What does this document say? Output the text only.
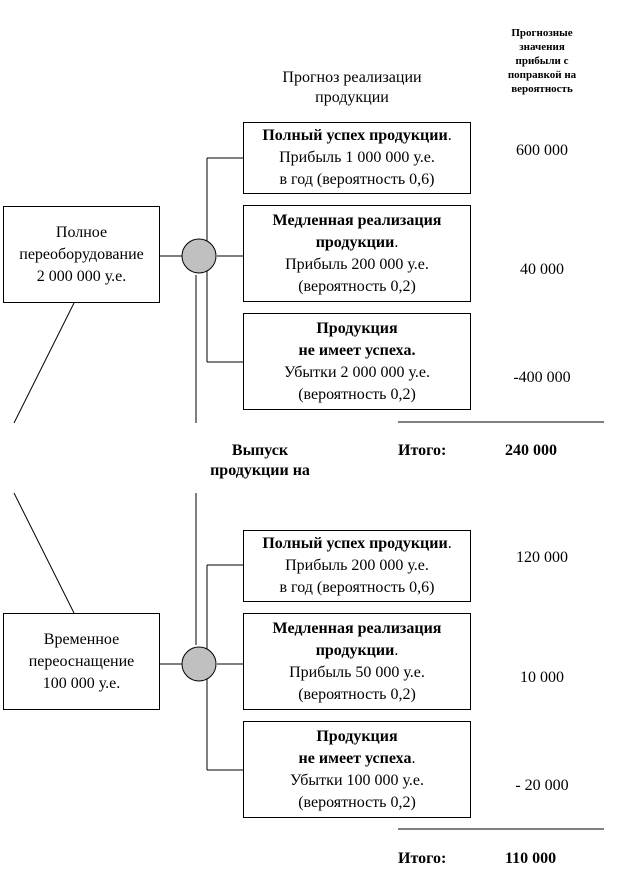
Прогноз реализации
продукции
Прогнозные
значения
прибыли с
поправкой на
вероятность
Выпуск
продукции на
Полное
переоборудование
2 000 000 у.е.
Временное
переоснащение
100 000 у.е.
Полный успех продукции.
Прибыль 1 000 000 у.е.
в год (вероятность 0,6)
Медленная реализация
продукции.
Прибыль 200 000 у.е.
(вероятность 0,2)
Продукция
не имеет успеха.
Убытки 2 000 000 у.е.
(вероятность 0,2)
Полный успех продукции.
Прибыль 200 000 у.е.
в год (вероятность 0,6)
Медленная реализация
продукции.
Прибыль 50 000 у.е.
(вероятность 0,2)
Продукция
не имеет успеха.
Убытки 100 000 у.е.
(вероятность 0,2)
600 000
40 000
-400 000
120 000
10 000
- 20 000
Итого:	240 000
Итого:	110 000
